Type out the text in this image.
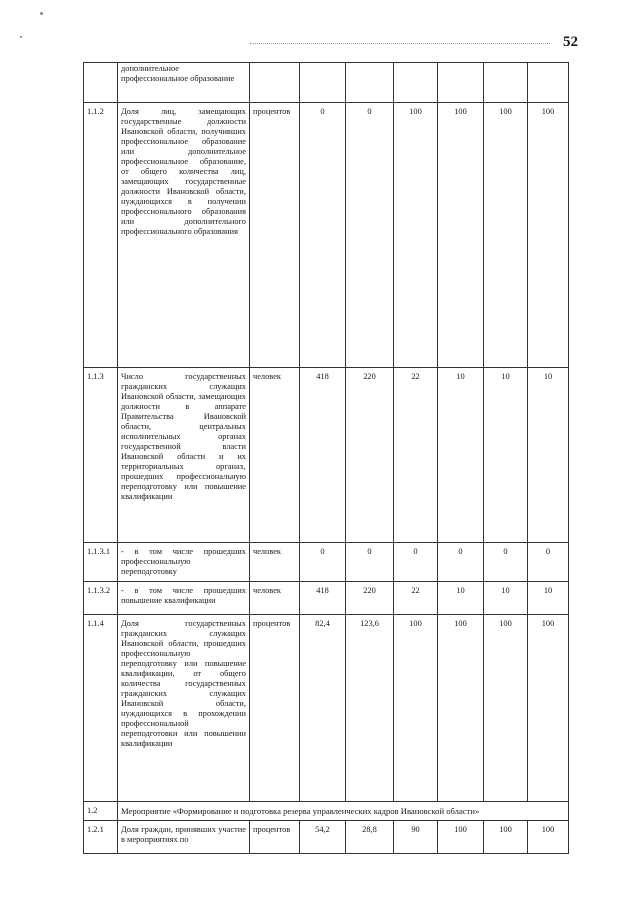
52
	дополнительное профессиональное образование							
1.1.2	Доля лиц, замещающих государственные должности Ивановской области, получивших профессиональное образование или дополнительное профессиональное образование, от общего количества лиц, замещающих государственные должности Ивановской области, нуждающихся в получении профессионального образования или дополнительного профессионального образования	процентов	0	0	100	100	100	100
1.1.3	Число государственных гражданских служащих Ивановской области, замещающих должности в аппарате Правительства Ивановской области, центральных исполнительных органах государственной власти Ивановской области и их территориальных органах, прошедших профессиональную переподготовку или повышение квалификации	человек	418	220	22	10	10	10
1.1.3.1	- в том числе прошедших профессиональную переподготовку	человек	0	0	0	0	0	0
1.1.3.2	- в том числе прошедших повышение квалификации	человек	418	220	22	10	10	10
1.1.4	Доля государственных гражданских служащих Ивановской области, прошедших профессиональную переподготовку или повышение квалификации, от общего количества государственных гражданских служащих Ивановской области, нуждающихся в прохождении профессиональной переподготовки или повышении квалификации	процентов	82,4	123,6	100	100	100	100
1.2	Мероприятие «Формирование и подготовка резерва управленческих кадров Ивановской области»							
1.2.1	Доля граждан, принявших участие в мероприятиях по	процентов	54,2	28,8	90	100	100	100
